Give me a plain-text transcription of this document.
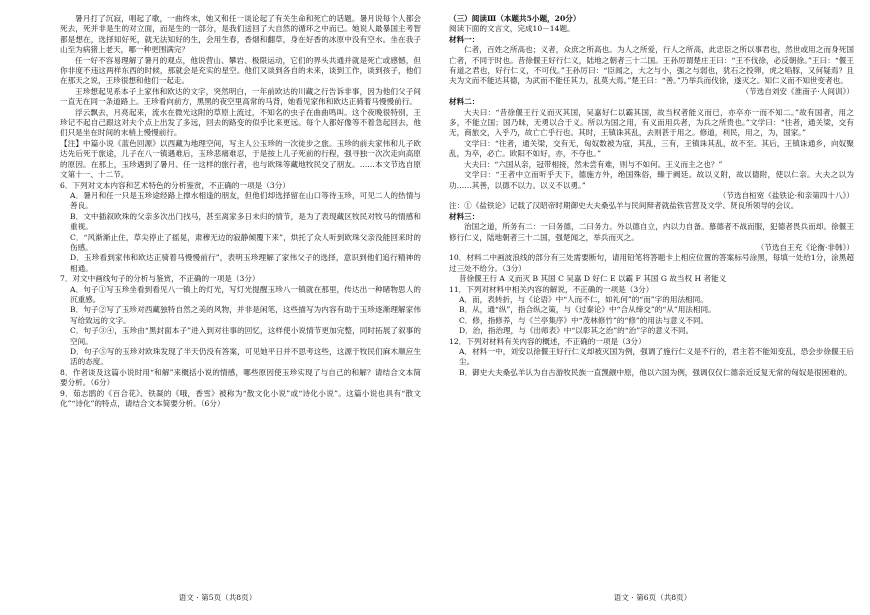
暑月打了沉寂，唱起了歌，一曲终末，她又和任一谈论起了有关生命和死亡的话题。暑月说每个人都会死去，死并非是生的对立面，而是生的一部分，是我们送回了大自然的循环之中而已。她说人最暴国主考智都是想在，选择知好死，就无法知好的生，会用生春，香烟和翻草，身在好香的冰原中没有空水。坐在我子山至为病猪上老天，哪一种更围满完？

任一好不容易理解了暑月的观点，他说营山、攀岩、极限运动，它们的界头共通并就是死亡或感憾，但你非度不违这两样东西的时候，那就会是充实的星空。他们又谈到各自的未来，谈到工作，谈到孩子，他们在那天之说，王珍很想和他们一起走。

王珍想起见系本子上家伟和欧达的文字，突然明白，一年前欧达的川藏之行告诉非事，因为他们父子间一直无在同一条道路上。王珍看向前方，黑黑的夜空里高常的马背，她看见家伟和欧达正骑着马慢慢前行。

浮云飘去，月亮起来，流水在微光这附的草原上流过，不知名的虫子在曲曲鸣叫。这个夜晚很特别，王珍记不起自己跟这对夫个点上出发了多远，回去的路变的似乎比来更远。每个人都好像等不着急起回去，他们只是坐在时间的末梢上慢慢前行。

【注】中篇小说《蓝色回源》以西藏为地理空间，写主人公玉珍的一次徒步之旅。玉珍的前夫家伟和儿子欧达先后死于旅途，儿子在八一镇遇难后，玉珍悲痛难忍，于是按上儿子死前的行程，强寻独一次次走向高原的原因。在那上，玉珍遇到了暑月、任一这样的旅行者，也与欧珠等藏地牧民交了朋友。……本文节选自原文第十一、十二节。

6．下列对文本内容和艺术特色的分析鉴赏，不正确的一项是（3分）

A．暑月和任一只是玉珍途经路上撑水相逢的朋友，但他们却选择留在山口等待玉珍，可见二人的热情与善良。

B．文中插叙欧珠的父亲多次出门找马，甚至离家多日未归的情节，是为了表现藏区牧民对牧马的情感和重视。

C．“风渐渐止住，草尖停止了摇晃，肃穆无边的寂静倾覆下来”，烘托了众人听到欧珠父亲没能回来时的伤感。

D．玉珍看到家伟和欧达正骑着马慢慢前行”，表明玉珍理解了家伟父子的选择，意识到他们追行精神的相通。

7．对文中画线句子的分析与鉴赏，不正确的一项是（3分）

A．句子①写玉珍坐看到看见八一镇上的灯光，写灯光提醒玉珍八一镇就在那里，传达出一种睹物思人的沉重感。

B．句子②写了玉珍对西藏独特自然之美的风物，并非是闲笔，这些描写为内容有助于玉珍逐渐理解家伟写给致远的文字。

C．句子③④，玉珍由“黑封面本子”进入到对往事的回忆，这样使小说情节更加完整，同时拓展了叙事的空间。

D．句子⑤写的玉珍对欧珠发现了半天仍没有答案，可见她平日并不思考这些，这源于牧民们麻木顺应生活的态度。

8．作者谈及这篇小说时用“和解”来概括小说的情感，哪些原因使玉珍实现了与自己的和解？请结合文本简要分析。（6分）

9．茹志鹃的《百合花》、铁凝的《哦，香雪》被称为“散文化小说”或“诗化小说”。这篇小说也具有“散文化”“诗化”的特点，请结合文本简要分析。（6分）

语文 · 第5页（共8页）

（三）阅读Ⅲ（本题共5小题，20分）

阅读下面的文言文，完成10－14题。

材料一：

仁者，百姓之所高也；义者，众庶之所高也。为人之所爱，行人之所高，此忠臣之所以事君也，然世或用之而身死国亡者，不同于时也。昔徐偃王好行仁义，陆地之朝者三十二国。王孙厉谓楚庄王曰：“王不伐徐，必反朝徐。”王曰：“偃王有道之君也，好行仁义，不可伐。”王孙厉曰：“臣闻之，大之与小，强之与弱也，犹石之投卵，虎之啗豚，又何疑焉？且夫为文而不能达其德，为武而不能任其力，乱莫大焉。”楚王曰：“善。”乃举兵而伐徐，遂灭之。知仁义而不知世变者也。

（节选自刘安《淮南子·人间训》）

材料二：

大夫曰：“昔徐偃王行义而灭其国，吴嘉好仁以霸其国，故当权者能义而已，亦卒亦一而不知二。”故有国者，用之多，不能立国；国乃昧，无勇以合于义。所以为国之用，有义而用兵者，为兵之所贵也。”文学曰：“往者，通关梁，交有无，商旅交，入乎乃，故亡亡乎行也。其时，王镇诛其乱，去则甚于用之。修道，利民，用之，为，国家。”

文学曰：“往者，通关梁，交有无，匈奴数被为寇，其乱，三有，王镇诛其乱，故不至。其后，王镇诛通乡，向奴聚乱，为卒，必亡。欧阳不如好，亦，不夺也。”

大夫曰：“六国从亲，冠带相接，然未尝有难，则与不如何。王义而主之也？”

文学曰：“王者中立而听乎天下，德施方外，绝国殊俗，臻于阙廷。故以义附，故以德附，使以仁亲。大夫之以为功……其善，以德不以力。以义不以勇。”

（节选自桓宽《盐铁论·和亲第四十八》）

注：①《盐铁论》记载了汉昭帝时期御史大夫桑弘羊与民间辩者就盐铁官营及文学、贤良所领导的会议。

材料三：

治国之道，所务有二：一曰务德，二曰务力。外以德自立，内以力自备。慕德者不战而服，犯德者畏兵而却。徐偃王修行仁义，陆地朝者三十二国，强楚闻之，举兵而灭之。

（节选自王充《论衡·非韩》）

10．材料二中画波浪线的部分有三处需要断句，请用铅笔将答题卡上相应位置的答案标号涂黑，每填一处给1分，涂黑超过三处不给分。（3分）

昔徐偃王行 A 义而灭 B 其国 C 吴嘉 D 好仁 E 以霸 F 其国 G 故当权 H 者能义

11．下列对材料中相关内容的解说，不正确的一项是（3分）

A．而，表转折，与《论语》中“人而不仁，如礼何”的“而”字的用法相同。

B．从，通“纵”，指合纵之策，与《过秦论》中“合从缔交”的“从”用法相同。

C．修，指修养，与《兰亭集序》中“茂林修竹”的“修”的用法与意义不同。

D．治，指治理，与《出师表》中“以彰其之治”的“治”字的意义不同。

12．下列对材料有关内容的概述，不正确的一项是（3分）

A．材料一中，刘安以徐偃王好行仁义却被灭国为例，强调了施行仁义是不行的，君主若不能知变乱，恐会步徐偃王后尘。

B．御史大夫桑弘羊认为自古游牧民族一直觊觎中原，他以六国为例，强调仅仅仁德亲近反复无常的匈奴是很困难的。

语文 · 第6页（共8页）
